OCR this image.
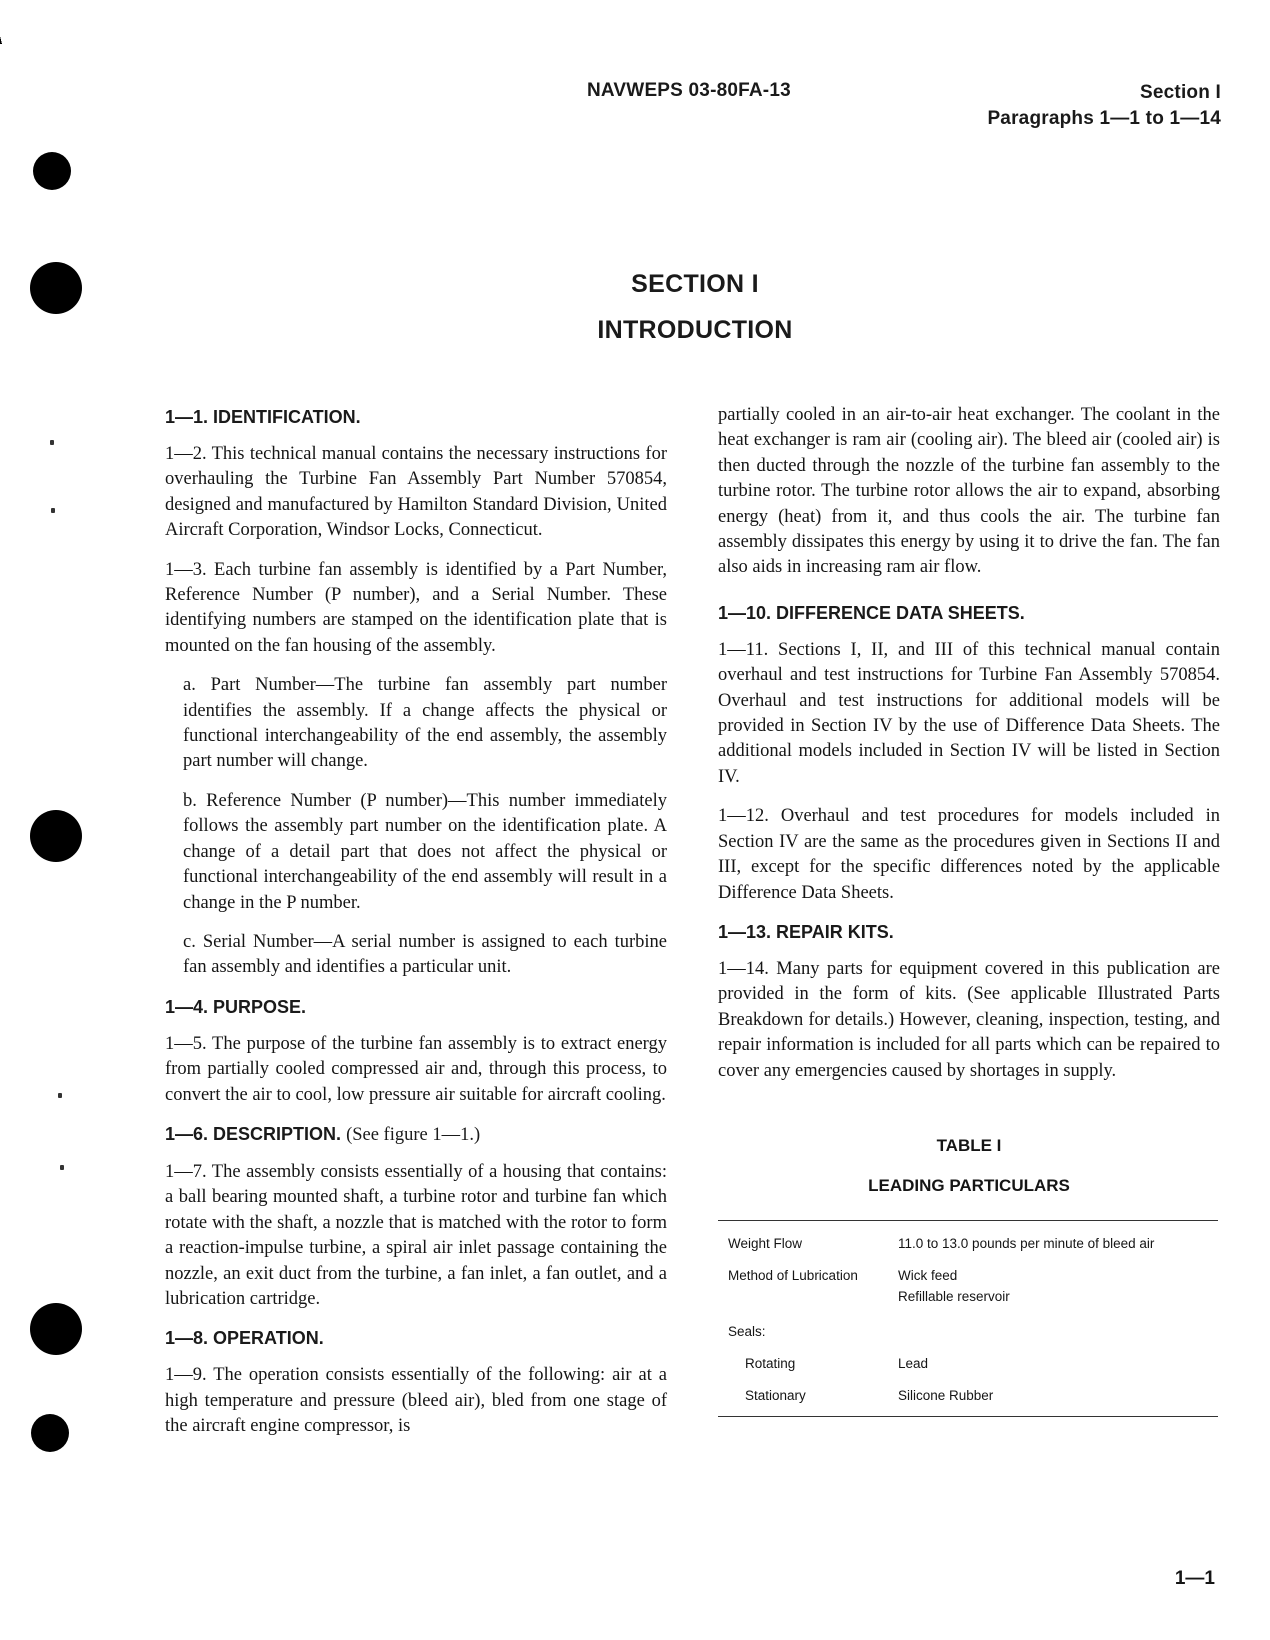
NAVWEPS 03-80FA-13	Section I
Paragraphs 1—1 to 1—14
SECTION I
INTRODUCTION
1—1. IDENTIFICATION.
1—2. This technical manual contains the necessary instructions for overhauling the Turbine Fan Assembly Part Number 570854, designed and manufactured by Hamilton Standard Division, United Aircraft Corporation, Windsor Locks, Connecticut.
1—3. Each turbine fan assembly is identified by a Part Number, Reference Number (P number), and a Serial Number. These identifying numbers are stamped on the identification plate that is mounted on the fan housing of the assembly.
a. Part Number—The turbine fan assembly part number identifies the assembly. If a change affects the physical or functional interchangeability of the end assembly, the assembly part number will change.
b. Reference Number (P number)—This number immediately follows the assembly part number on the identification plate. A change of a detail part that does not affect the physical or functional interchangeability of the end assembly will result in a change in the P number.
c. Serial Number—A serial number is assigned to each turbine fan assembly and identifies a particular unit.
1—4. PURPOSE.
1—5. The purpose of the turbine fan assembly is to extract energy from partially cooled compressed air and, through this process, to convert the air to cool, low pressure air suitable for aircraft cooling.
1—6. DESCRIPTION. (See figure 1—1.)
1—7. The assembly consists essentially of a housing that contains: a ball bearing mounted shaft, a turbine rotor and turbine fan which rotate with the shaft, a nozzle that is matched with the rotor to form a reaction-impulse turbine, a spiral air inlet passage containing the nozzle, an exit duct from the turbine, a fan inlet, a fan outlet, and a lubrication cartridge.
1—8. OPERATION.
1—9. The operation consists essentially of the following: air at a high temperature and pressure (bleed air), bled from one stage of the aircraft engine compressor, is
partially cooled in an air-to-air heat exchanger. The coolant in the heat exchanger is ram air (cooling air). The bleed air (cooled air) is then ducted through the nozzle of the turbine fan assembly to the turbine rotor. The turbine rotor allows the air to expand, absorbing energy (heat) from it, and thus cools the air. The turbine fan assembly dissipates this energy by using it to drive the fan. The fan also aids in increasing ram air flow.
1—10. DIFFERENCE DATA SHEETS.
1—11. Sections I, II, and III of this technical manual contain overhaul and test instructions for Turbine Fan Assembly 570854. Overhaul and test instructions for additional models will be provided in Section IV by the use of Difference Data Sheets. The additional models included in Section IV will be listed in Section IV.
1—12. Overhaul and test procedures for models included in Section IV are the same as the procedures given in Sections II and III, except for the specific differences noted by the applicable Difference Data Sheets.
1—13. REPAIR KITS.
1—14. Many parts for equipment covered in this publication are provided in the form of kits. (See applicable Illustrated Parts Breakdown for details.) However, cleaning, inspection, testing, and repair information is included for all parts which can be repaired to cover any emergencies caused by shortages in supply.
TABLE I
LEADING PARTICULARS
Weight Flow	11.0 to 13.0 pounds per minute of bleed air
Method of Lubrication	Wick feed
Refillable reservoir
Seals:
Rotating	Lead
Stationary	Silicone Rubber
1—1
